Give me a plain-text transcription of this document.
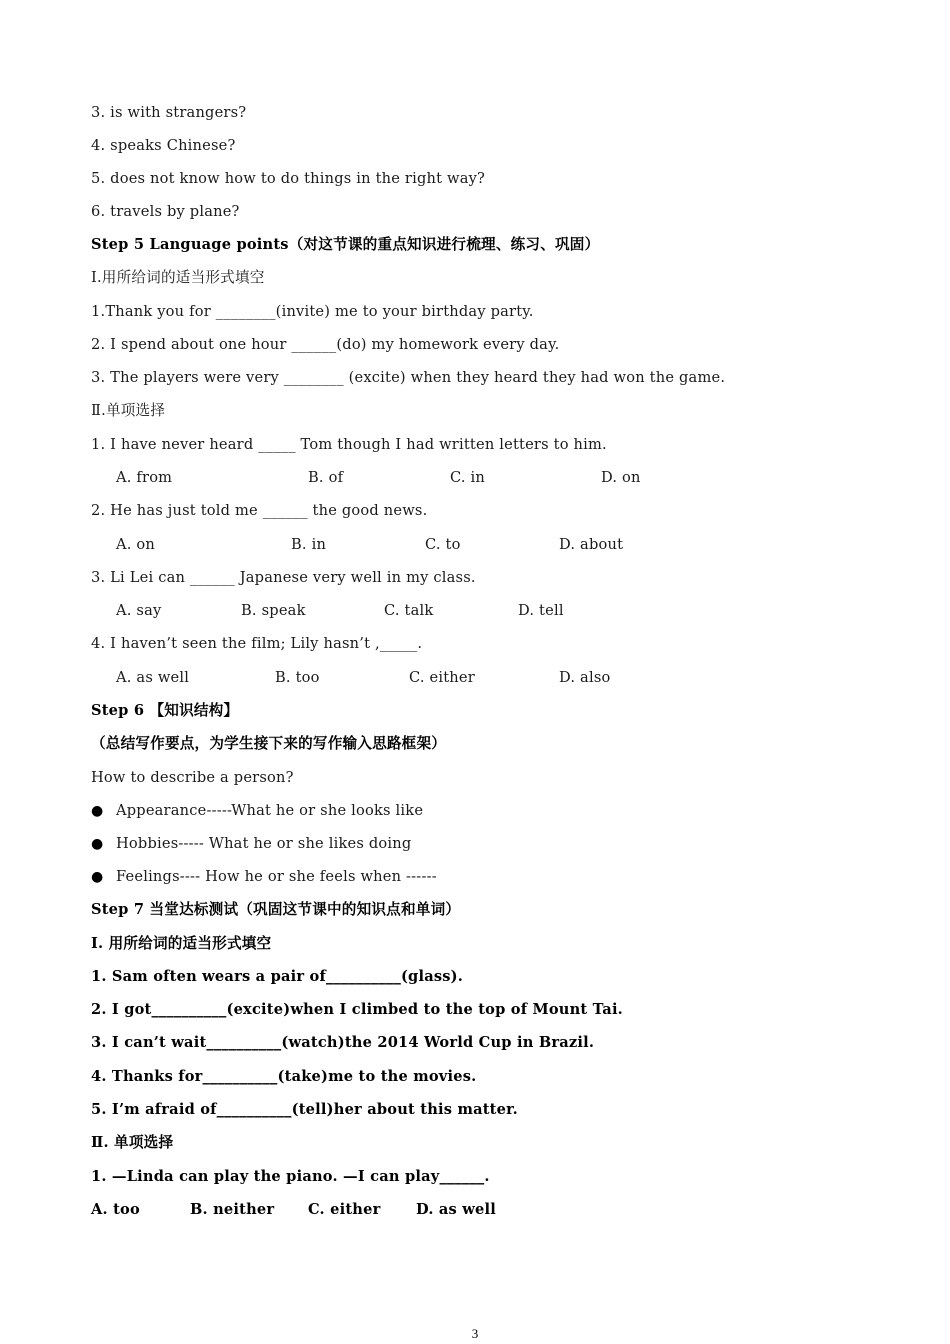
3. is with strangers?
4. speaks Chinese?
5. does not know how to do things in the right way?
6. travels by plane?
Step 5 Language points（对这节课的重点知识进行梳理、练习、巩固）
Ⅰ.用所给词的适当形式填空
1.Thank you for ________(invite) me to your birthday party.
2. I spend about one hour ______(do) my homework every day.
3. The players were very ________ (excite) when they heard they had won the game.
Ⅱ.单项选择
1. I have never heard _____ Tom though I had written letters to him.
A. from	B. of	C. in	D. on
2. He has just told me ______ the good news.
A. on	B. in	C. to	D. about
3. Li Lei can ______ Japanese very well in my class.
A. say	B. speak	C. talk	D. tell
4. I haven’t seen the film; Lily hasn’t ,_____.
A. as well	B. too	C. either	D. also
Step 6 【知识结构】
（总结写作要点，为学生接下来的写作输入思路框架）
How to describe a person?
● Appearance-----What he or she looks like
● Hobbies----- What he or she likes doing
● Feelings---- How he or she feels when ------
Step 7 当堂达标测试（巩固这节课中的知识点和单词）
Ⅰ. 用所给词的适当形式填空
1. Sam often wears a pair of__________(glass).
2. I got__________(excite)when I climbed to the top of Mount Tai.
3. I can’t wait__________(watch)the 2014 World Cup in Brazil.
4. Thanks for__________(take)me to the movies.
5. I’m afraid of__________(tell)her about this matter.
Ⅱ. 单项选择
1. —Linda can play the piano. —I can play______.
A. too	B. neither C. either D. as well
3
